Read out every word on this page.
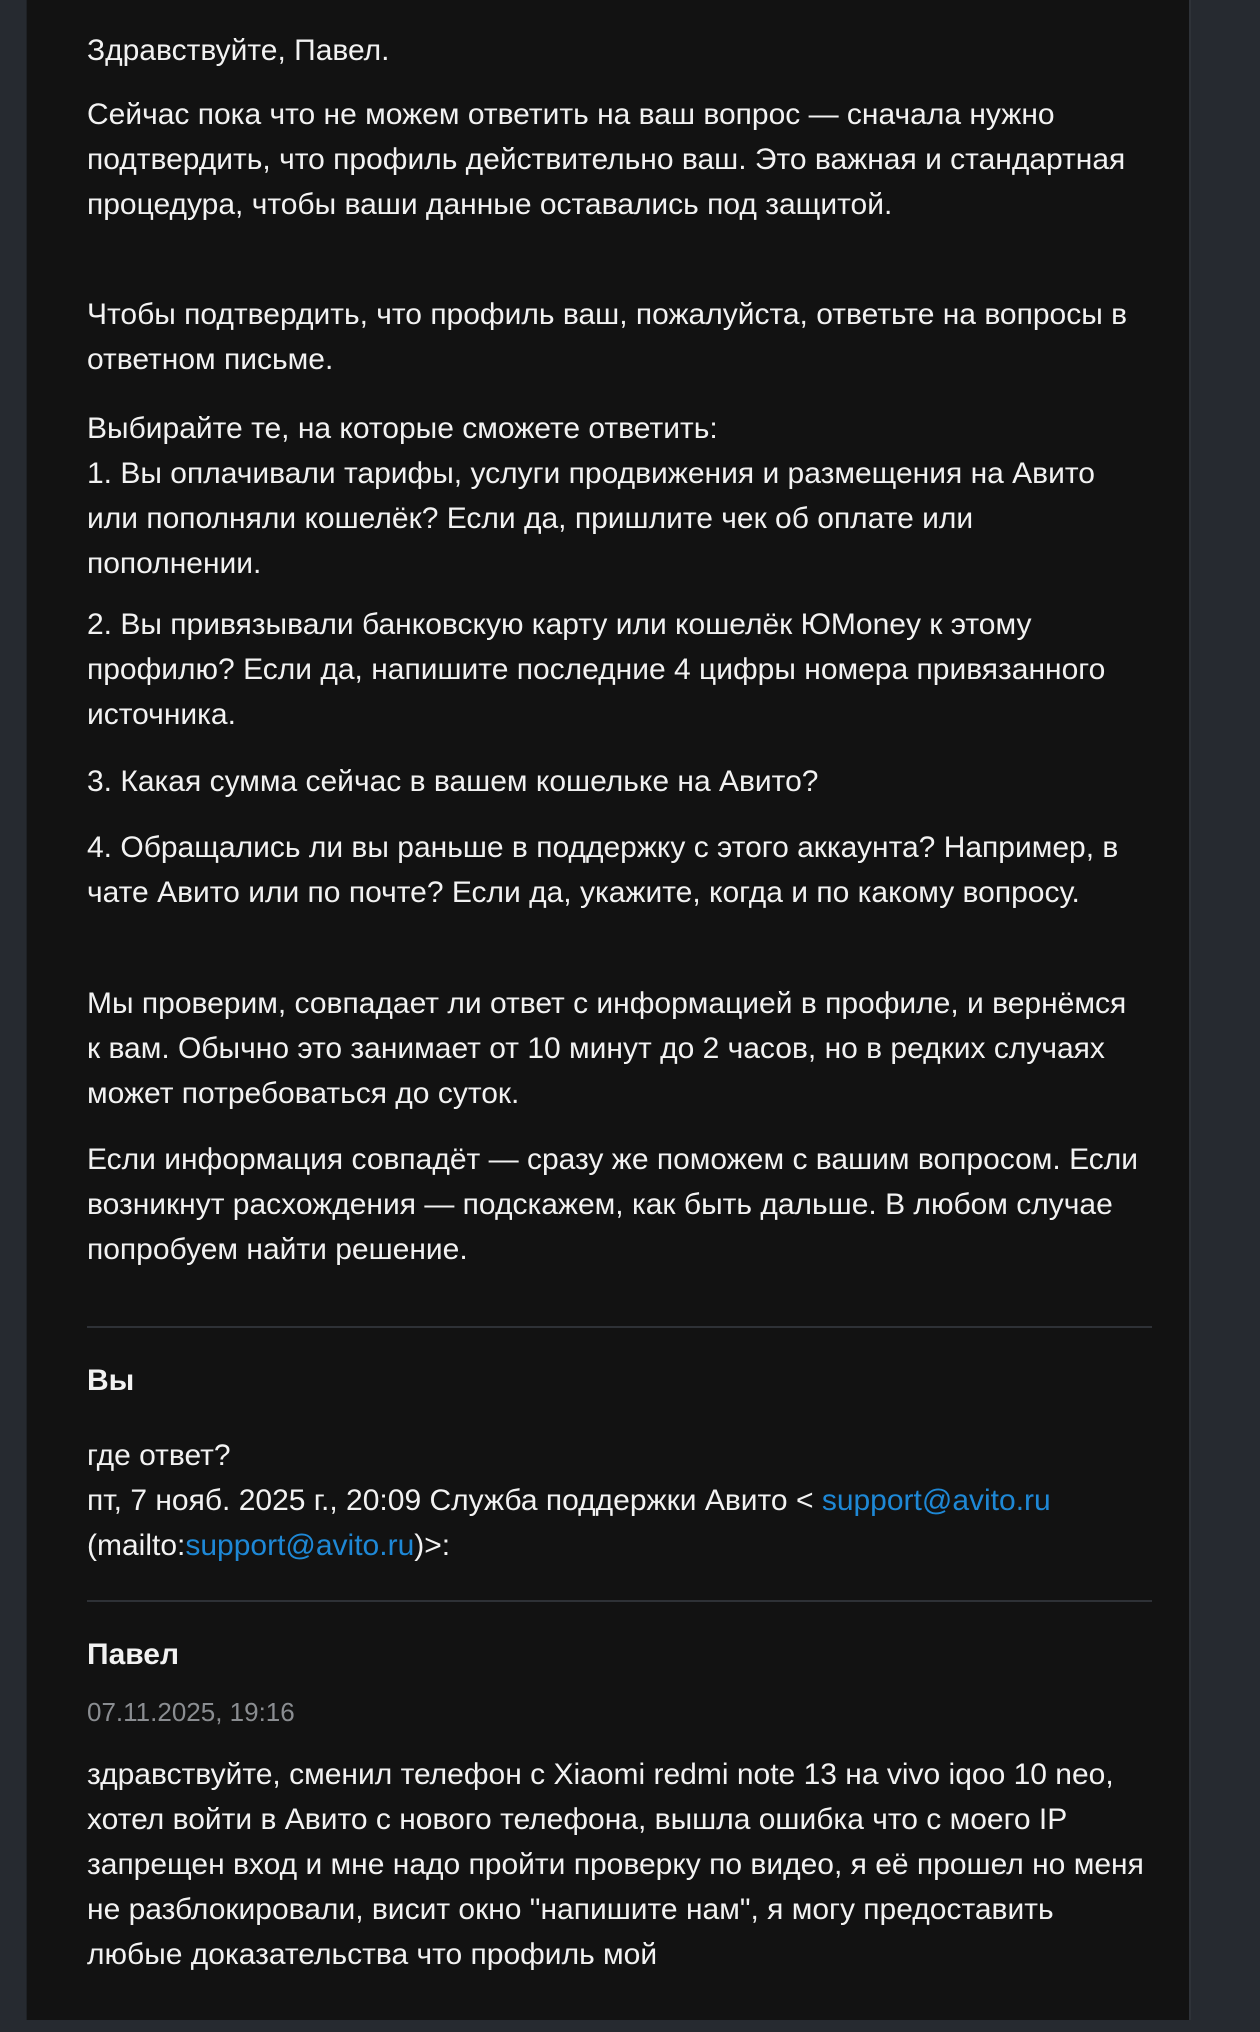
Здравствуйте, Павел.

Сейчас пока что не можем ответить на ваш вопрос — сначала нужно подтвердить, что профиль действительно ваш. Это важная и стандартная процедура, чтобы ваши данные оставались под защитой.

Чтобы подтвердить, что профиль ваш, пожалуйста, ответьте на вопросы в ответном письме.

Выбирайте те, на которые сможете ответить:

1. Вы оплачивали тарифы, услуги продвижения и размещения на Авито или пополняли кошелёк? Если да, пришлите чек об оплате или пополнении.

2. Вы привязывали банковскую карту или кошелёк ЮMoney к этому профилю? Если да, напишите последние 4 цифры номера привязанного источника.

3. Какая сумма сейчас в вашем кошельке на Авито?

4. Обращались ли вы раньше в поддержку с этого аккаунта? Например, в чате Авито или по почте? Если да, укажите, когда и по какому вопросу.

Мы проверим, совпадает ли ответ с информацией в профиле, и вернёмся к вам. Обычно это занимает от 10 минут до 2 часов, но в редких случаях может потребоваться до суток.

Если информация совпадёт — сразу же поможем с вашим вопросом. Если возникнут расхождения — подскажем, как быть дальше. В любом случае попробуем найти решение.

Вы
где ответ?
пт, 7 нояб. 2025 г., 20:09 Служба поддержки Авито < support@avito.ru
(mailto:support@avito.ru)>:
Павел
07.11.2025, 19:16

здравствуйте, сменил телефон с Xiaomi redmi note 13 на vivo iqoo 10 neo, хотел войти в Авито с нового телефона, вышла ошибка что с моего IP запрещен вход и мне надо пройти проверку по видео, я её прошел но меня не разблокировали, висит окно "напишите нам", я могу предоставить любые доказательства что профиль мой
